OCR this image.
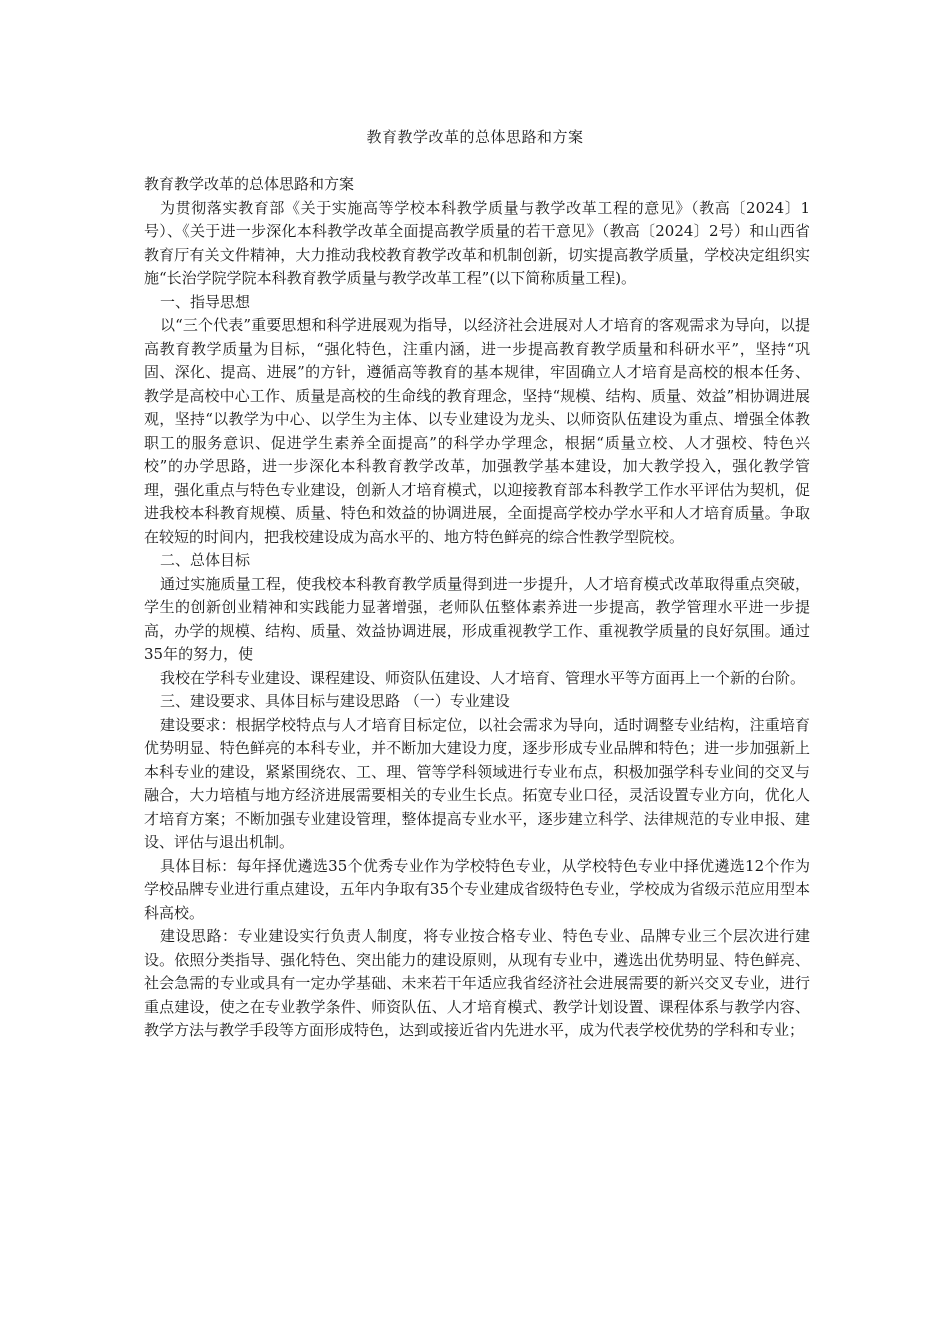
教育教学改革的总体思路和方案

教育教学改革的总体思路和方案

为贯彻落实教育部《关于实施高等学校本科教学质量与教学改革工程的意见》（教高〔2024〕1号）、《关于进一步深化本科教学改革全面提高教学质量的若干意见》（教高〔2024〕2号）和山西省教育厅有关文件精神，大力推动我校教育教学改革和机制创新，切实提高教学质量，学校决定组织实施“长治学院学院本科教育教学质量与教学改革工程”(以下简称质量工程)。

一、指导思想

以“三个代表”重要思想和科学进展观为指导，以经济社会进展对人才培育的客观需求为导向，以提高教育教学质量为目标，“强化特色，注重内涵，进一步提高教育教学质量和科研水平”，坚持“巩固、深化、提高、进展”的方针，遵循高等教育的基本规律，牢固确立人才培育是高校的根本任务、教学是高校中心工作、质量是高校的生命线的教育理念，坚持“规模、结构、质量、效益”相协调进展观，坚持“以教学为中心、以学生为主体、以专业建设为龙头、以师资队伍建设为重点、增强全体教职工的服务意识、促进学生素养全面提高”的科学办学理念，根据“质量立校、人才强校、特色兴校”的办学思路，进一步深化本科教育教学改革，加强教学基本建设，加大教学投入，强化教学管理，强化重点与特色专业建设，创新人才培育模式，以迎接教育部本科教学工作水平评估为契机，促进我校本科教育规模、质量、特色和效益的协调进展，全面提高学校办学水平和人才培育质量。争取在较短的时间内，把我校建设成为高水平的、地方特色鲜亮的综合性教学型院校。

二、总体目标

通过实施质量工程，使我校本科教育教学质量得到进一步提升，人才培育模式改革取得重点突破，学生的创新创业精神和实践能力显著增强，老师队伍整体素养进一步提高，教学管理水平进一步提高，办学的规模、结构、质量、效益协调进展，形成重视教学工作、重视教学质量的良好氛围。通过35年的努力，使

我校在学科专业建设、课程建设、师资队伍建设、人才培育、管理水平等方面再上一个新的台阶。

三、建设要求、具体目标与建设思路 （一）专业建设

建设要求：根据学校特点与人才培育目标定位，以社会需求为导向，适时调整专业结构，注重培育优势明显、特色鲜亮的本科专业，并不断加大建设力度，逐步形成专业品牌和特色；进一步加强新上本科专业的建设，紧紧围绕农、工、理、管等学科领域进行专业布点，积极加强学科专业间的交叉与融合，大力培植与地方经济进展需要相关的专业生长点。拓宽专业口径，灵活设置专业方向，优化人才培育方案；不断加强专业建设管理，整体提高专业水平，逐步建立科学、法律规范的专业申报、建设、评估与退出机制。

具体目标：每年择优遴选35个优秀专业作为学校特色专业，从学校特色专业中择优遴选12个作为学校品牌专业进行重点建设，五年内争取有35个专业建成省级特色专业，学校成为省级示范应用型本科高校。

建设思路：专业建设实行负责人制度，将专业按合格专业、特色专业、品牌专业三个层次进行建设。依照分类指导、强化特色、突出能力的建设原则，从现有专业中，遴选出优势明显、特色鲜亮、社会急需的专业或具有一定办学基础、未来若干年适应我省经济社会进展需要的新兴交叉专业，进行重点建设，使之在专业教学条件、师资队伍、人才培育模式、教学计划设置、课程体系与教学内容、教学方法与教学手段等方面形成特色，达到或接近省内先进水平，成为代表学校优势的学科和专业；
